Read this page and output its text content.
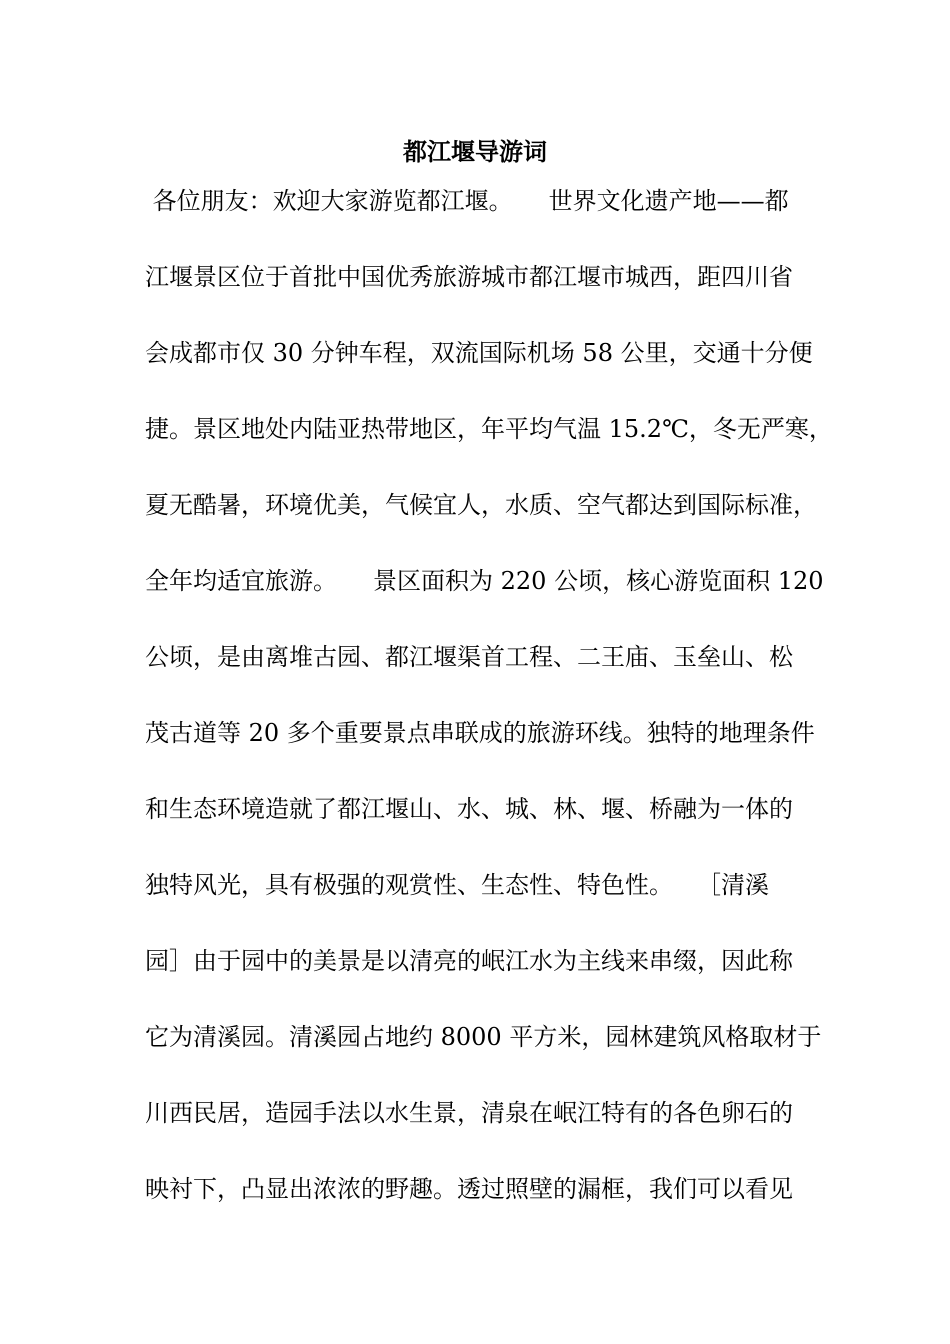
都江堰导游词
各位朋友：欢迎大家游览都江堰。　　世界文化遗产地——都
江堰景区位于首批中国优秀旅游城市都江堰市城西，距四川省
会成都市仅 30 分钟车程，双流国际机场 58 公里，交通十分便
捷。景区地处内陆亚热带地区，年平均气温 15.2℃，冬无严寒，
夏无酷暑，环境优美，气候宜人，水质、空气都达到国际标准，
全年均适宜旅游。　　景区面积为 220 公顷，核心游览面积 120
公顷，是由离堆古园、都江堰渠首工程、二王庙、玉垒山、松
茂古道等 20 多个重要景点串联成的旅游环线。独特的地理条件
和生态环境造就了都江堰山、水、城、林、堰、桥融为一体的
独特风光，具有极强的观赏性、生态性、特色性。　　［清溪
园］由于园中的美景是以清亮的岷江水为主线来串缀，因此称
它为清溪园。清溪园占地约 8000 平方米，园林建筑风格取材于
川西民居，造园手法以水生景，清泉在岷江特有的各色卵石的
映衬下，凸显出浓浓的野趣。透过照壁的漏框，我们可以看见
